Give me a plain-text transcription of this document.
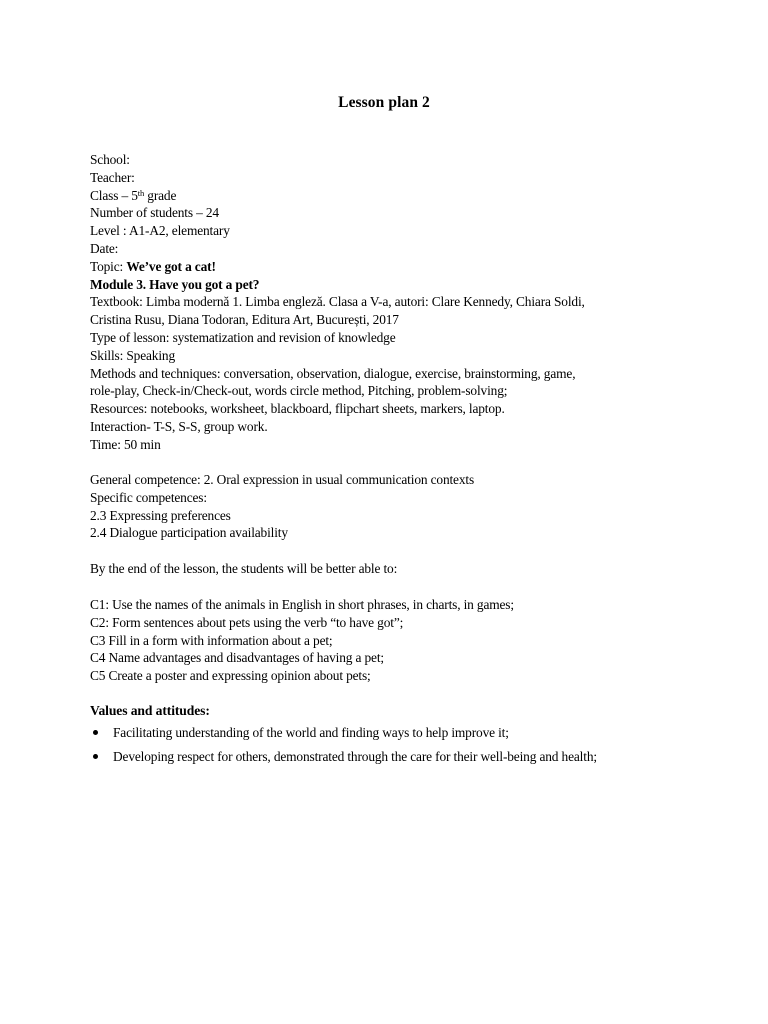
Lesson plan 2
School:
Teacher:
Class – 5th grade
Number of students – 24
Level : A1-A2, elementary
Date:
Topic: We’ve got a cat!
Module 3. Have you got a pet?
Textbook: Limba modernă 1. Limba engleză. Clasa a V-a, autori: Clare Kennedy, Chiara Soldi,
Cristina Rusu, Diana Todoran, Editura Art, București, 2017
Type of lesson: systematization and revision of knowledge
Skills: Speaking
Methods and techniques: conversation, observation, dialogue, exercise, brainstorming, game,
role-play, Check-in/Check-out, words circle method, Pitching, problem-solving;
Resources: notebooks, worksheet, blackboard, flipchart sheets, markers, laptop.
Interaction- T-S, S-S, group work.
Time: 50 min
General competence: 2. Oral expression in usual communication contexts
Specific competences:
2.3 Expressing preferences
2.4 Dialogue participation availability
By the end of the lesson, the students will be better able to:
C1: Use the names of the animals in English in short phrases, in charts, in games;
C2: Form sentences about pets using the verb “to have got”;
C3 Fill in a form with information about a pet;
C4 Name advantages and disadvantages of having a pet;
C5 Create a poster and expressing opinion about pets;
Values and attitudes:
Facilitating understanding of the world and finding ways to help improve it;
Developing respect for others, demonstrated through the care for their well-being and health;
